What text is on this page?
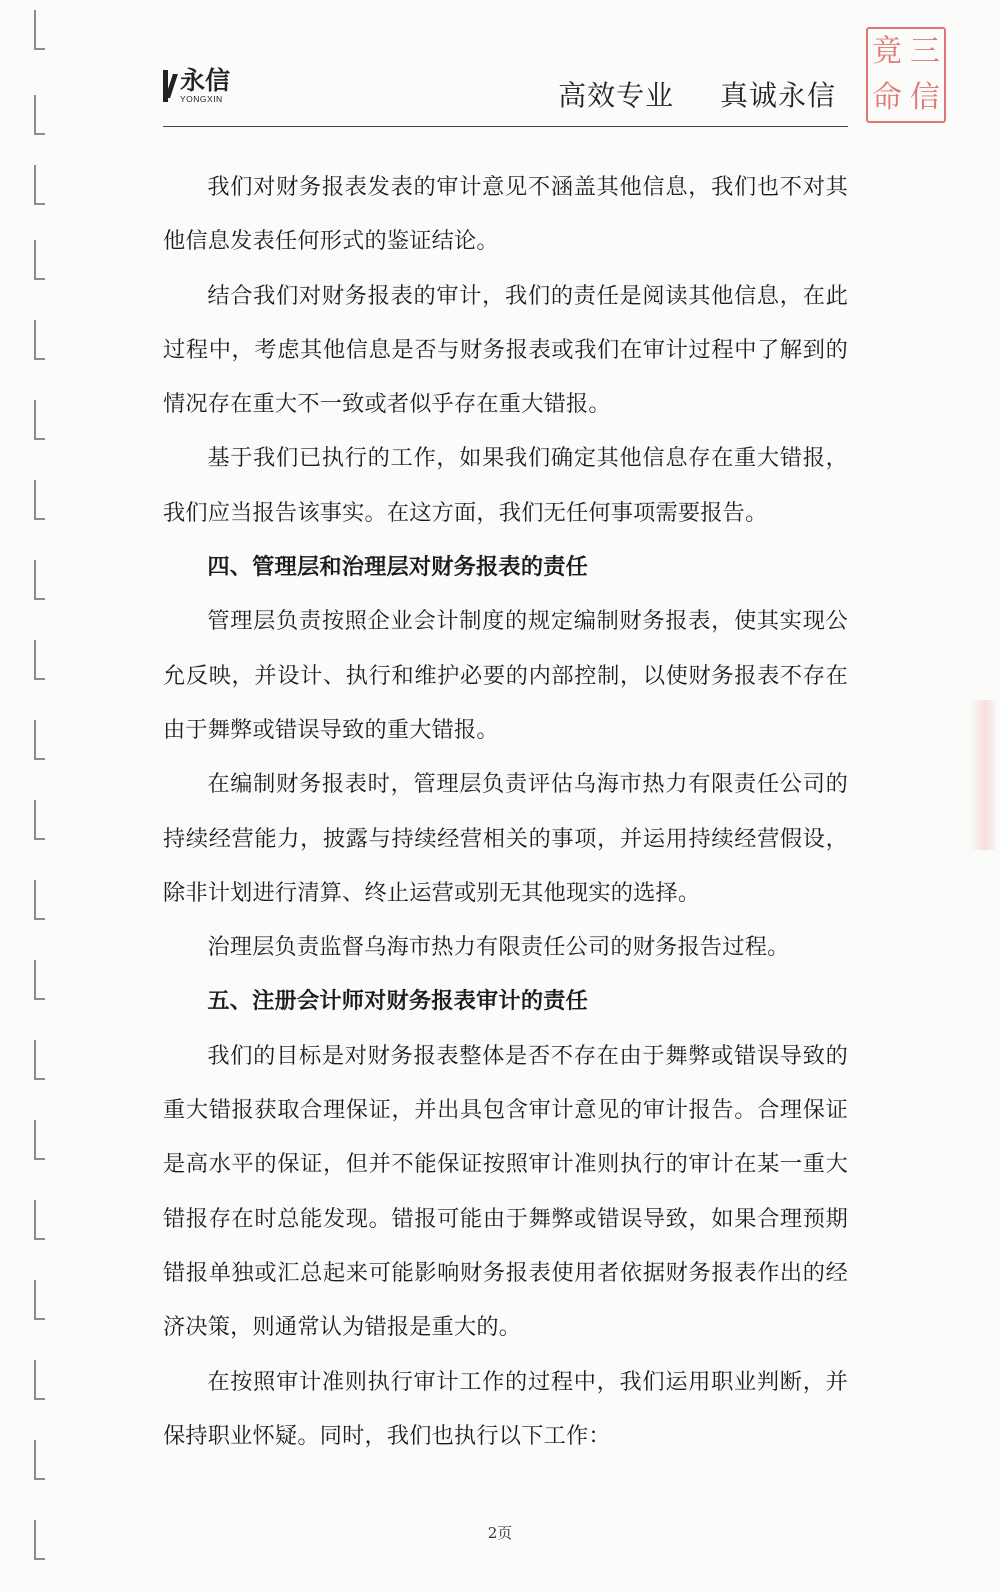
永信
YONGXIN	高效专业 真诚永信
竟 三
命 信

我们对财务报表发表的审计意见不涵盖其他信息，我们也不对其他信息发表任何形式的鉴证结论。

结合我们对财务报表的审计，我们的责任是阅读其他信息，在此过程中，考虑其他信息是否与财务报表或我们在审计过程中了解到的情况存在重大不一致或者似乎存在重大错报。

基于我们已执行的工作，如果我们确定其他信息存在重大错报，我们应当报告该事实。在这方面，我们无任何事项需要报告。

四、管理层和治理层对财务报表的责任

管理层负责按照企业会计制度的规定编制财务报表，使其实现公允反映，并设计、执行和维护必要的内部控制，以使财务报表不存在由于舞弊或错误导致的重大错报。

在编制财务报表时，管理层负责评估乌海市热力有限责任公司的持续经营能力，披露与持续经营相关的事项，并运用持续经营假设，除非计划进行清算、终止运营或别无其他现实的选择。

治理层负责监督乌海市热力有限责任公司的财务报告过程。

五、注册会计师对财务报表审计的责任

我们的目标是对财务报表整体是否不存在由于舞弊或错误导致的重大错报获取合理保证，并出具包含审计意见的审计报告。合理保证是高水平的保证，但并不能保证按照审计准则执行的审计在某一重大错报存在时总能发现。错报可能由于舞弊或错误导致，如果合理预期错报单独或汇总起来可能影响财务报表使用者依据财务报表作出的经济决策，则通常认为错报是重大的。

在按照审计准则执行审计工作的过程中，我们运用职业判断，并保持职业怀疑。同时，我们也执行以下工作：

2页
